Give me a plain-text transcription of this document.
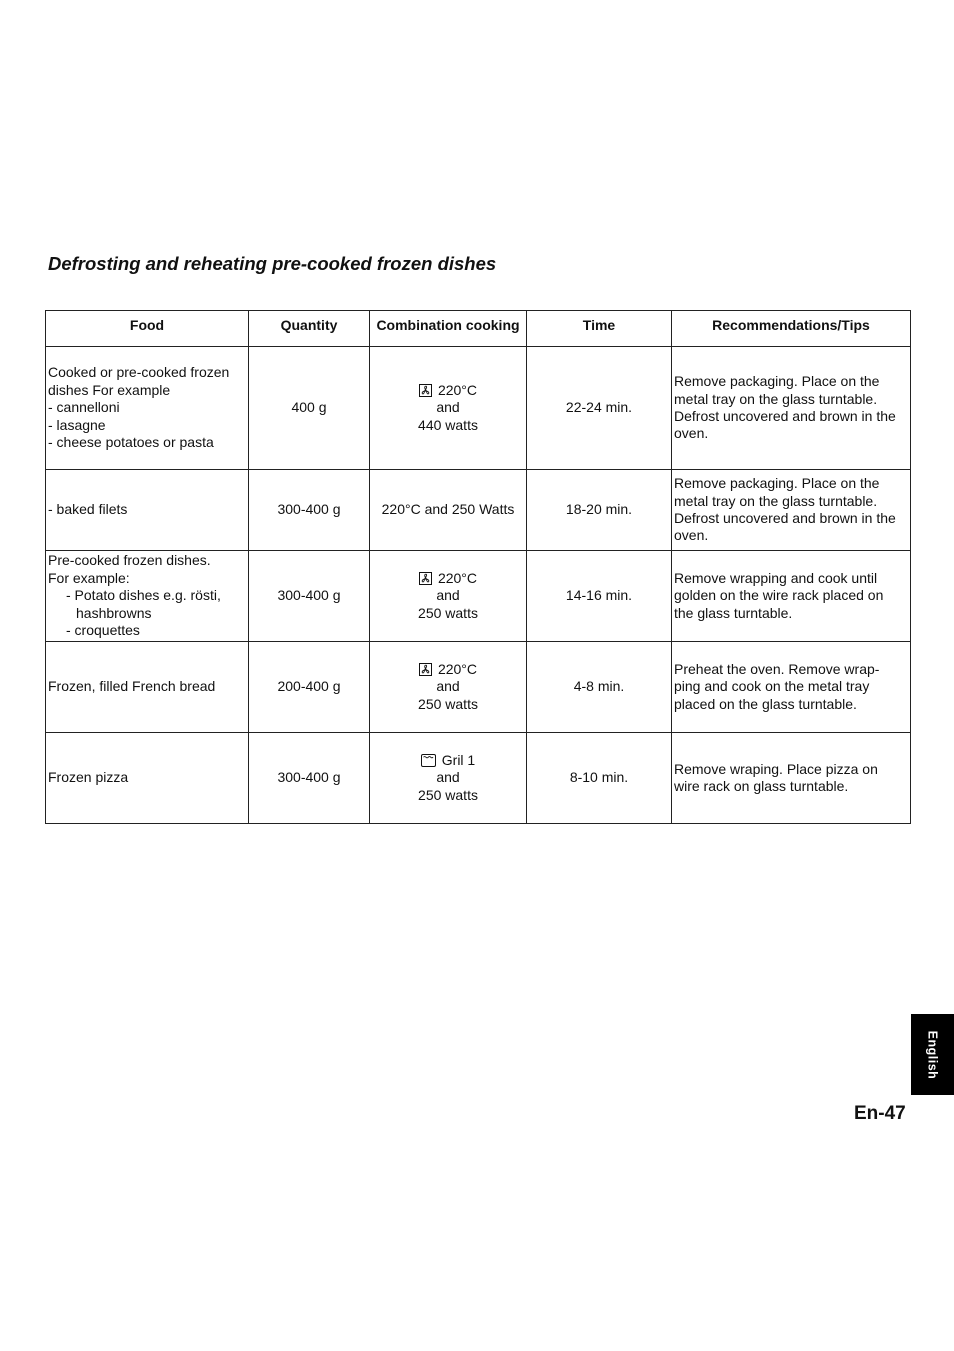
Defrosting and reheating pre-cooked frozen dishes
Food	Quantity	Combination cooking	Time	Recommendations/Tips

Cooked or pre-cooked frozen
dishes For example
- cannelloni
- lasagne
- cheese potatoes or pasta	400 g	220°C
and
440 watts	22-24 min.	Remove packaging. Place on the
metal tray on the glass turntable.
Defrost uncovered and brown in the
oven.

- baked filets	300-400 g	220°C and 250 Watts	18-20 min.	Remove packaging. Place on the
metal tray on the glass turntable.
Defrost uncovered and brown in the
oven.

Pre-cooked frozen dishes.
For example:
- Potato dishes e.g. rösti, hashbrowns
- croquettes	300-400 g	220°C
and
250 watts	14-16 min.	Remove wrapping and cook until
golden on the wire rack placed on
the glass turntable.

Frozen, filled French bread	200-400 g	220°C
and
250 watts	4-8 min.	Preheat the oven. Remove wrap-
ping and cook on the metal tray
placed on the glass turntable.

Frozen pizza	300-400 g	Gril 1
and
250 watts	8-10 min.	Remove wraping. Place pizza on
wire rack on glass turntable.
English
En-47
